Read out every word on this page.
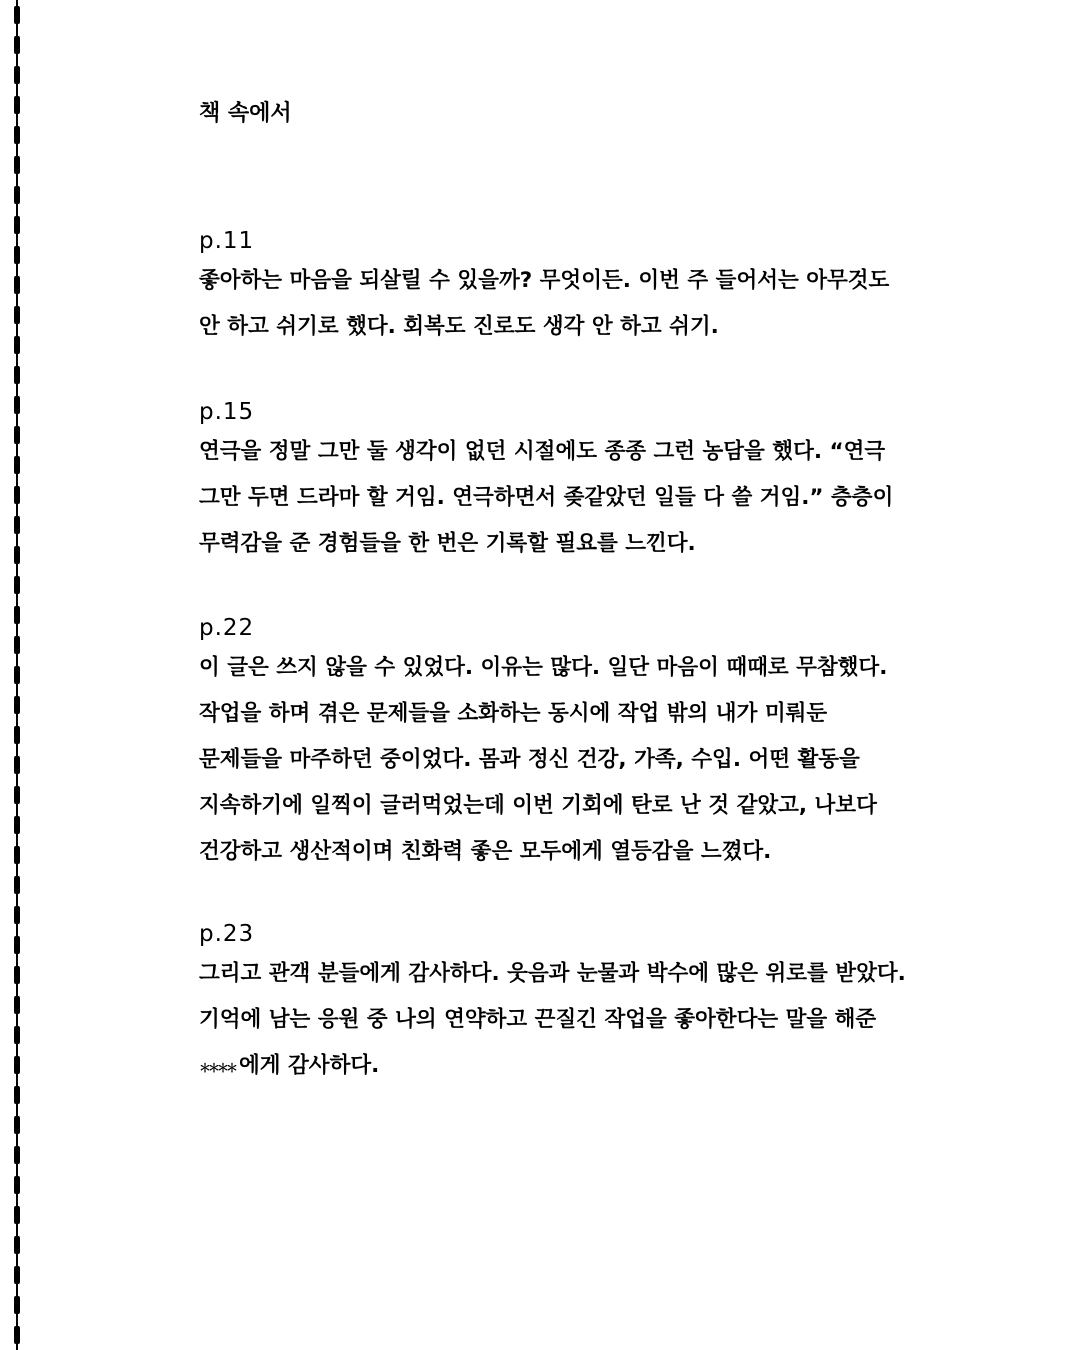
책 속에서
p.11
좋아하는 마음을 되살릴 수 있을까? 무엇이든. 이번 주 들어서는 아무것도
안 하고 쉬기로 했다. 회복도 진로도 생각 안 하고 쉬기.
p.15
연극을 정말 그만 둘 생각이 없던 시절에도 종종 그런 농담을 했다. “연극
그만 두면 드라마 할 거임. 연극하면서 좆같았던 일들 다 쓸 거임.” 층층이
무력감을 준 경험들을 한 번은 기록할 필요를 느낀다.
p.22
이 글은 쓰지 않을 수 있었다. 이유는 많다. 일단 마음이 때때로 무참했다.
작업을 하며 겪은 문제들을 소화하는 동시에 작업 밖의 내가 미뤄둔
문제들을 마주하던 중이었다. 몸과 정신 건강, 가족, 수입. 어떤 활동을
지속하기에 일찍이 글러먹었는데 이번 기회에 탄로 난 것 같았고, 나보다
건강하고 생산적이며 친화력 좋은 모두에게 열등감을 느꼈다.
p.23
그리고 관객 분들에게 감사하다. 웃음과 눈물과 박수에 많은 위로를 받았다.
기억에 남는 응원 중 나의 연약하고 끈질긴 작업을 좋아한다는 말을 해준
＊＊＊＊ 에게 감사하다.
